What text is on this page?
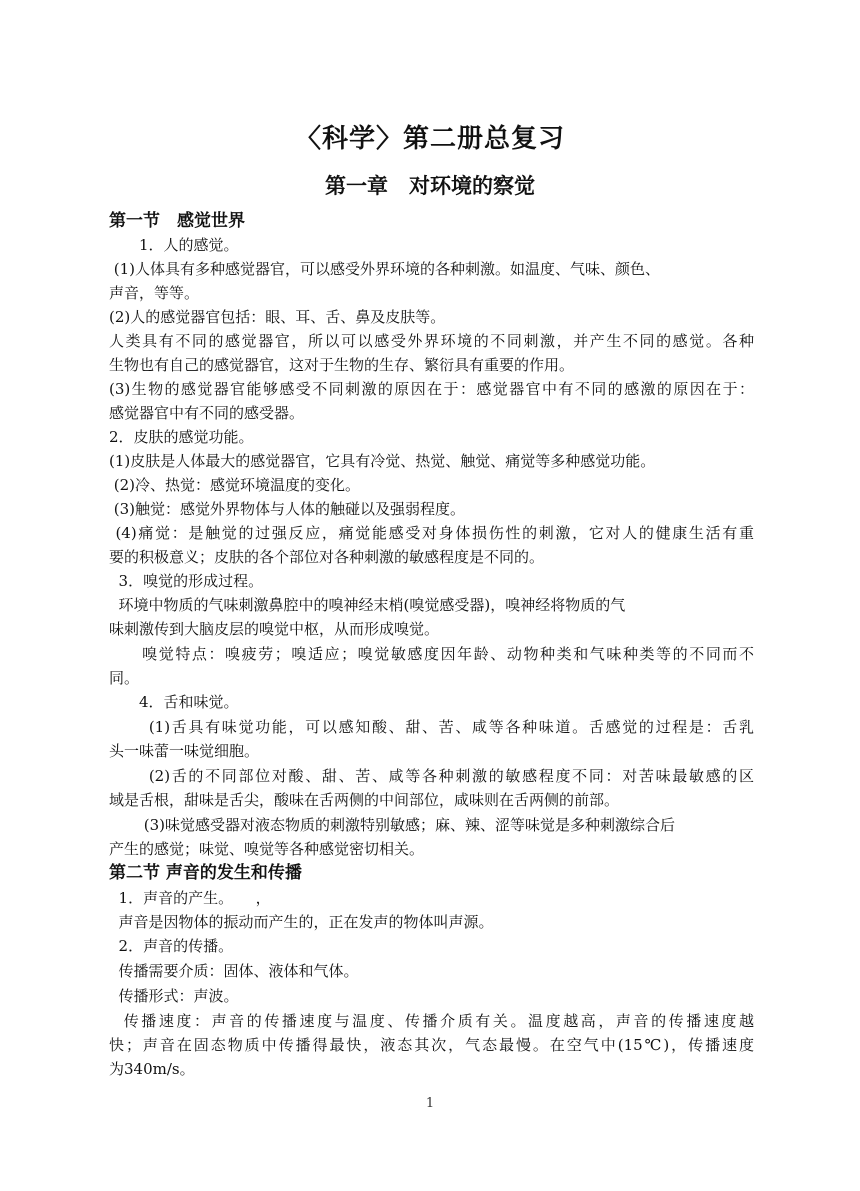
〈科学〉第二册总复习
第一章　对环境的察觉
第一节　感觉世界
　　1．人的感觉。
(1)人体具有多种感觉器官，可以感受外界环境的各种刺激。如温度、气味、颜色、
声音，等等。
(2)人的感觉器官包括：眼、耳、舌、鼻及皮肤等。
人类具有不同的感觉器官，所以可以感受外界环境的不同刺激，并产生不同的感觉。各种
生物也有自己的感觉器官，这对于生物的生存、繁衍具有重要的作用。
(3)生物的感觉器官能够感受不同刺激的原因在于：感觉器官中有不同的感激的原因在于：
感觉器官中有不同的感受器。
2．皮肤的感觉功能。
(1)皮肤是人体最大的感觉器官，它具有冷觉、热觉、触觉、痛觉等多种感觉功能。
(2)冷、热觉：感觉环境温度的变化。
(3)触觉：感觉外界物体与人体的触碰以及强弱程度。
(4)痛觉：是触觉的过强反应，痛觉能感受对身体损伤性的刺激，它对人的健康生活有重
要的积极意义；皮肤的各个部位对各种刺激的敏感程度是不同的。
3．嗅觉的形成过程。
环境中物质的气味刺激鼻腔中的嗅神经末梢(嗅觉感受器)，嗅神经将物质的气
味刺激传到大脑皮层的嗅觉中枢，从而形成嗅觉。
　　嗅觉特点：嗅疲劳；嗅适应；嗅觉敏感度因年龄、动物种类和气味种类等的不同而不
同。
　　4．舌和味觉。
　　 (1)舌具有味觉功能，可以感知酸、甜、苦、咸等各种味道。舌感觉的过程是：舌乳
头一味蕾一味觉细胞。
　　 (2)舌的不同部位对酸、甜、苦、咸等各种刺激的敏感程度不同：对苦味最敏感的区
域是舌根，甜味是舌尖，酸味在舌两侧的中间部位，咸味则在舌两侧的前部。
　　 (3)味觉感受器对液态物质的刺激特别敏感；麻、辣、涩等味觉是多种刺激综合后
产生的感觉；味觉、嗅觉等各种感觉密切相关。
第二节 声音的发生和传播
1．声音的产生。　　，
声音是因物体的振动而产生的，正在发声的物体叫声源。
2．声音的传播。
传播需要介质：固体、液体和气体。
传播形式：声波。
传播速度：声音的传播速度与温度、传播介质有关。温度越高，声音的传播速度越
快；声音在固态物质中传播得最快，液态其次，气态最慢。在空气中(15℃)，传播速度
为340m/s。
1
